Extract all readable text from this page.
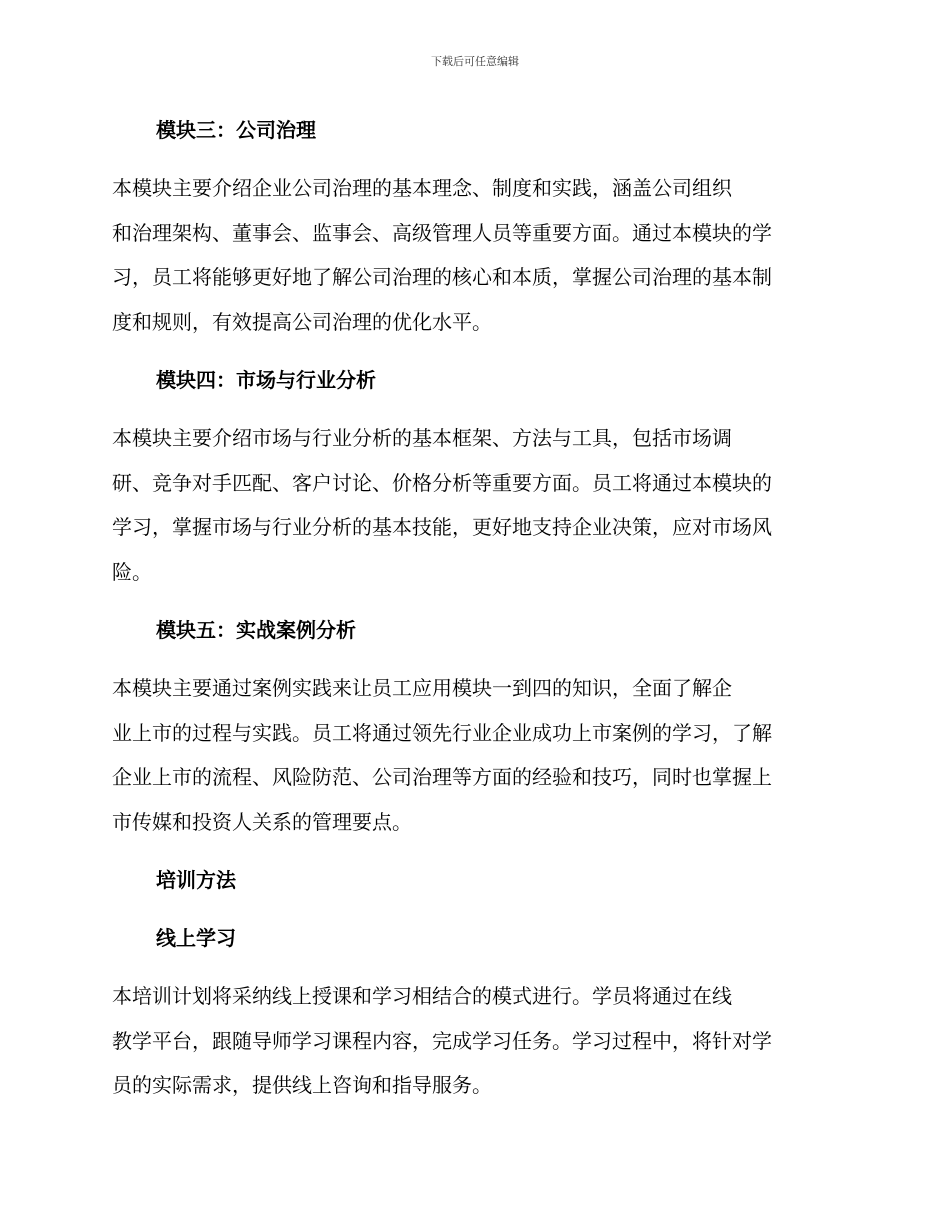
下载后可任意编辑
模块三：公司治理
本模块主要介绍企业公司治理的基本理念、制度和实践，涵盖公司组织
和治理架构、董事会、监事会、高级管理人员等重要方面。通过本模块的学
习，员工将能够更好地了解公司治理的核心和本质，掌握公司治理的基本制
度和规则，有效提高公司治理的优化水平。
模块四：市场与行业分析
本模块主要介绍市场与行业分析的基本框架、方法与工具，包括市场调
研、竞争对手匹配、客户讨论、价格分析等重要方面。员工将通过本模块的
学习，掌握市场与行业分析的基本技能，更好地支持企业决策，应对市场风
险。
模块五：实战案例分析
本模块主要通过案例实践来让员工应用模块一到四的知识，全面了解企
业上市的过程与实践。员工将通过领先行业企业成功上市案例的学习，了解
企业上市的流程、风险防范、公司治理等方面的经验和技巧，同时也掌握上
市传媒和投资人关系的管理要点。
培训方法
线上学习
本培训计划将采纳线上授课和学习相结合的模式进行。学员将通过在线
教学平台，跟随导师学习课程内容，完成学习任务。学习过程中，将针对学
员的实际需求，提供线上咨询和指导服务。
